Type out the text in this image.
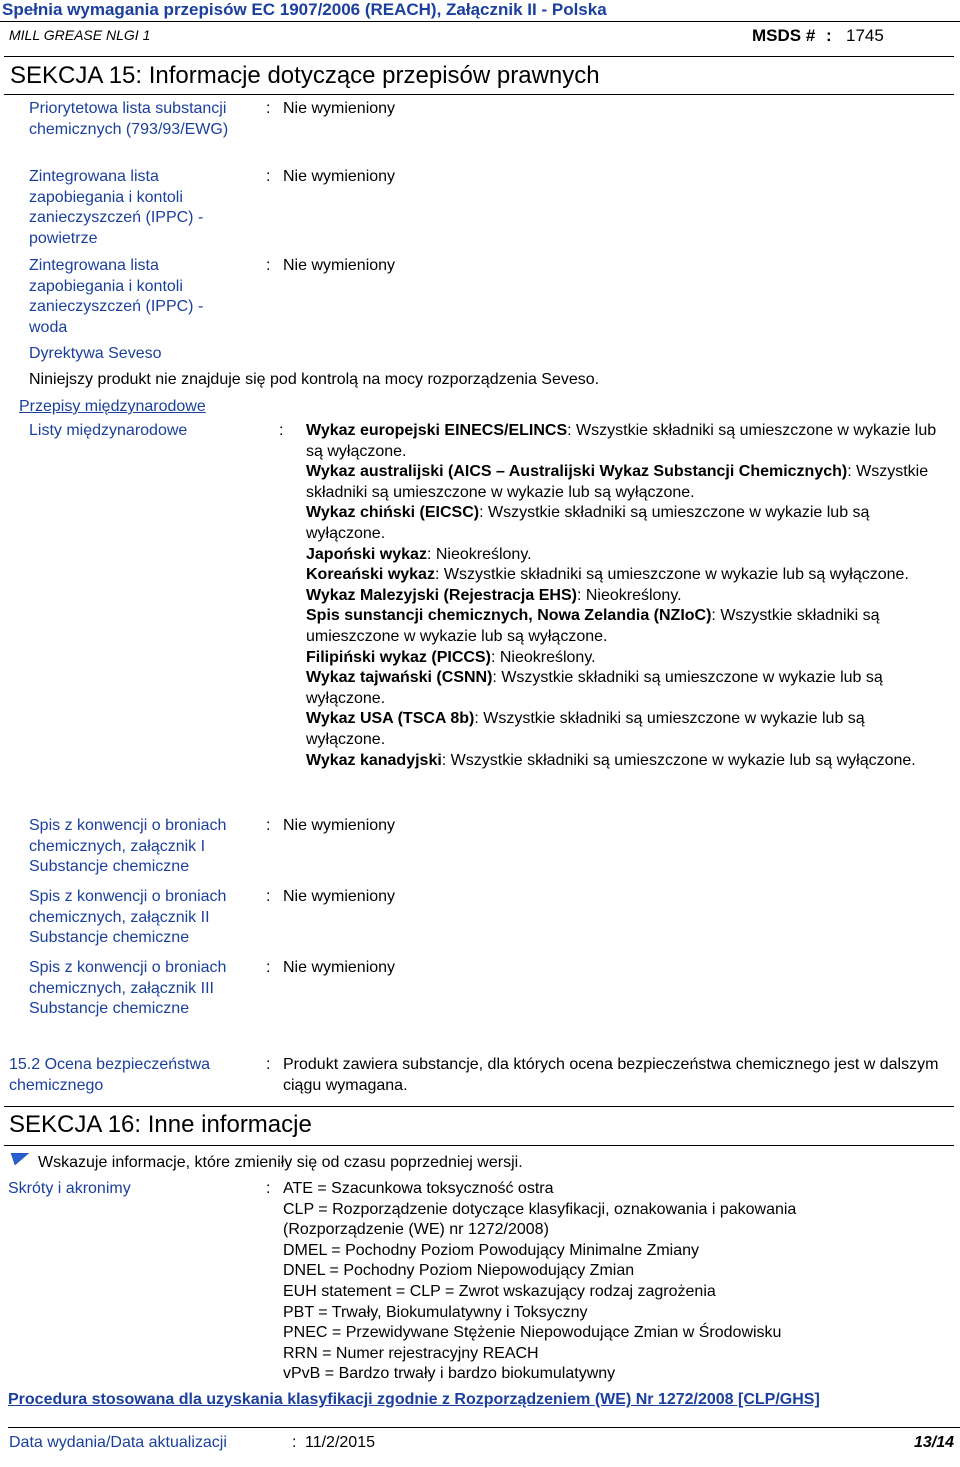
Spełnia wymagania przepisów EC 1907/2006 (REACH), Załącznik II - Polska
MILL GREASE NLGI 1	MSDS # : 1745
SEKCJA 15: Informacje dotyczące przepisów prawnych
Priorytetowa lista substancji chemicznych (793/93/EWG)
: Nie wymieniony
Zintegrowana lista zapobiegania i kontoli zanieczyszczeń (IPPC) - powietrze
: Nie wymieniony
Zintegrowana lista zapobiegania i kontoli zanieczyszczeń (IPPC) - woda
: Nie wymieniony
Dyrektywa Seveso
Niniejszy produkt nie znajduje się pod kontrolą na mocy rozporządzenia Seveso.
Przepisy międzynarodowe
Listy międzynarodowe	: Wykaz europejski EINECS/ELINCS: Wszystkie składniki są umieszczone w wykazie lub są wyłączone.

Wykaz australijski (AICS – Australijski Wykaz Substancji Chemicznych): Wszystkie składniki są umieszczone w wykazie lub są wyłączone.

Wykaz chiński (EICSC): Wszystkie składniki są umieszczone w wykazie lub są wyłączone.

Japoński wykaz: Nieokreślony.

Koreański wykaz: Wszystkie składniki są umieszczone w wykazie lub są wyłączone.

Wykaz Malezyjski (Rejestracja EHS): Nieokreślony.

Spis sunstancji chemicznych, Nowa Zelandia (NZIoC): Wszystkie składniki są umieszczone w wykazie lub są wyłączone.

Filipiński wykaz (PICCS): Nieokreślony.

Wykaz tajwański (CSNN): Wszystkie składniki są umieszczone w wykazie lub są wyłączone.

Wykaz USA (TSCA 8b): Wszystkie składniki są umieszczone w wykazie lub są wyłączone.

Wykaz kanadyjski: Wszystkie składniki są umieszczone w wykazie lub są wyłączone.

Spis z konwencji o broniach chemicznych, załącznik I Substancje chemiczne
: Nie wymieniony
Spis z konwencji o broniach chemicznych, załącznik II Substancje chemiczne
: Nie wymieniony
Spis z konwencji o broniach chemicznych, załącznik III Substancje chemiczne
: Nie wymieniony
15.2 Ocena bezpieczeństwa chemicznego
: Produkt zawiera substancje, dla których ocena bezpieczeństwa chemicznego jest w dalszym ciągu wymagana.
SEKCJA 16: Inne informacje
Wskazuje informacje, które zmieniły się od czasu poprzedniej wersji.
Skróty i akronimy	: ATE = Szacunkowa toksyczność ostra
CLP = Rozporządzenie dotyczące klasyfikacji, oznakowania i pakowania
(Rozporządzenie (WE) nr 1272/2008)
DMEL = Pochodny Poziom Powodujący Minimalne Zmiany
DNEL = Pochodny Poziom Niepowodujący Zmian
EUH statement = CLP = Zwrot wskazujący rodzaj zagrożenia
PBT = Trwały, Biokumulatywny i Toksyczny
PNEC = Przewidywane Stężenie Niepowodujące Zmian w Środowisku
RRN = Numer rejestracyjny REACH
vPvB = Bardzo trwały i bardzo biokumulatywny
Procedura stosowana dla uzyskania klasyfikacji zgodnie z Rozporządzeniem (WE) Nr 1272/2008 [CLP/GHS]
Data wydania/Data aktualizacji	: 11/2/2015	13/14
